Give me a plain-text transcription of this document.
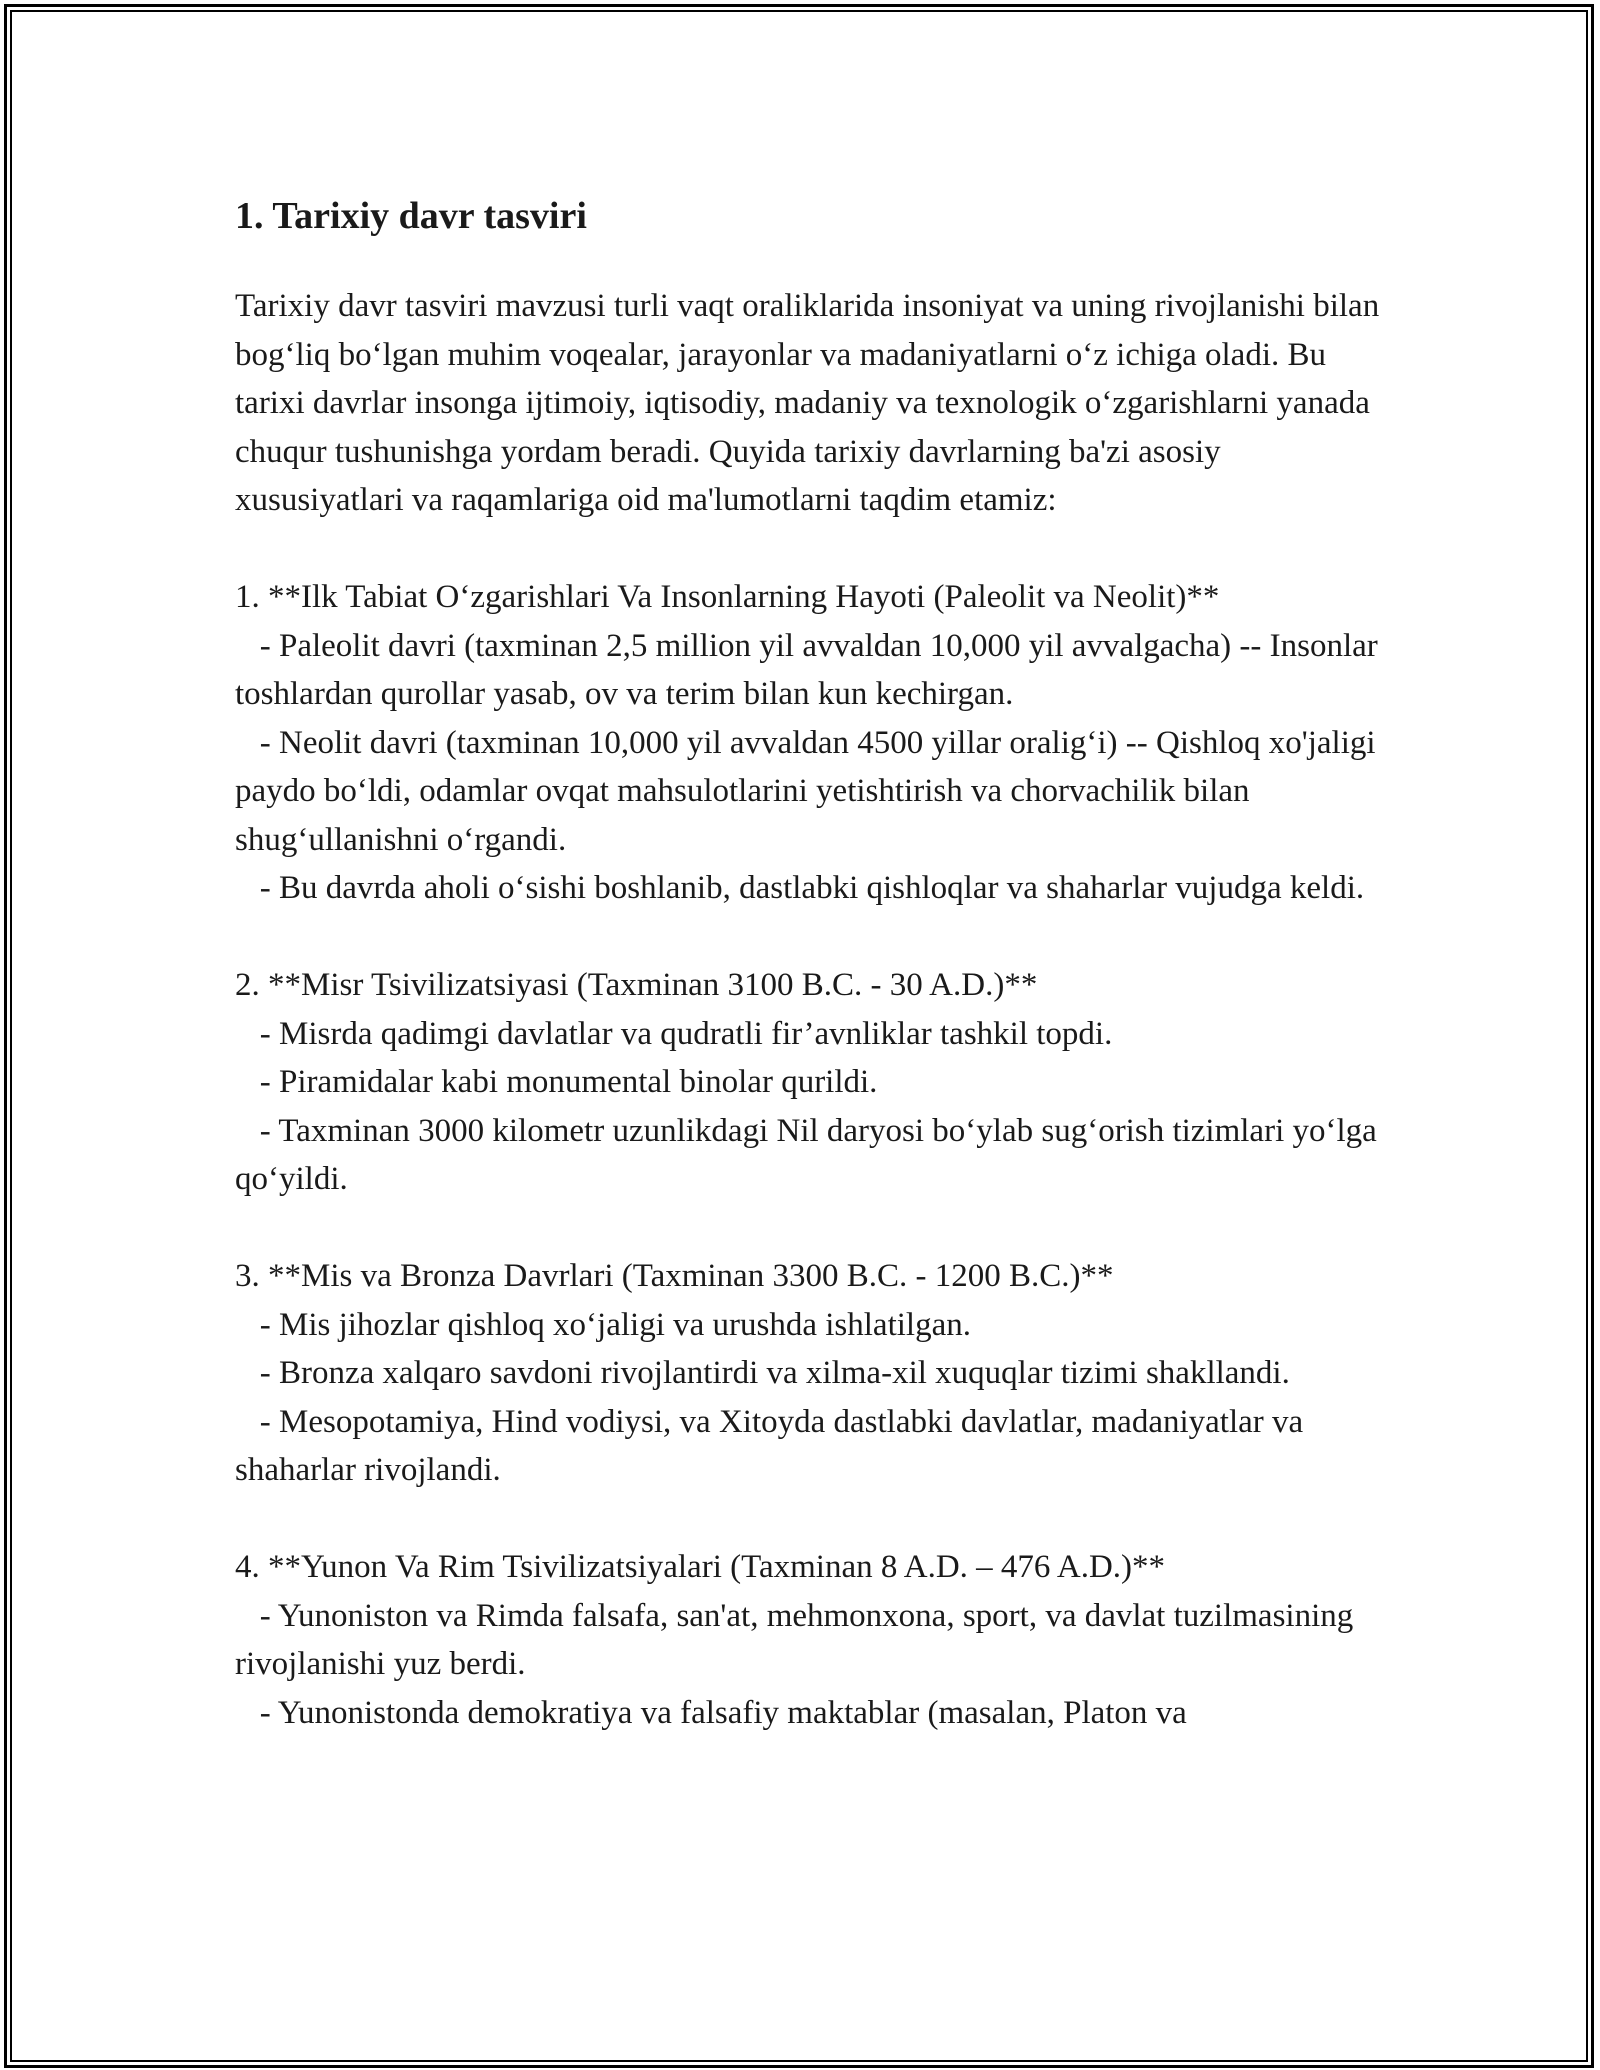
1. Tarixiy davr tasviri

Tarixiy davr tasviri mavzusi turli vaqt oraliklarida insoniyat va uning rivojlanishi bilan bog‘liq bo‘lgan muhim voqealar, jarayonlar va madaniyatlarni o‘z ichiga oladi. Bu tarixi davrlar insonga ijtimoiy, iqtisodiy, madaniy va texnologik o‘zgarishlarni yanada chuqur tushunishga yordam beradi. Quyida tarixiy davrlarning ba'zi asosiy xususiyatlari va raqamlariga oid ma'lumotlarni taqdim etamiz:

1. **Ilk Tabiat O‘zgarishlari Va Insonlarning Hayoti (Paleolit va Neolit)**

- Paleolit davri (taxminan 2,5 million yil avvaldan 10,000 yil avvalgacha) -- Insonlar toshlardan qurollar yasab, ov va terim bilan kun kechirgan.

- Neolit davri (taxminan 10,000 yil avvaldan 4500 yillar oralig‘i) -- Qishloq xo'jaligi paydo bo‘ldi, odamlar ovqat mahsulotlarini yetishtirish va chorvachilik bilan shug‘ullanishni o‘rgandi.

- Bu davrda aholi o‘sishi boshlanib, dastlabki qishloqlar va shaharlar vujudga keldi.

2. **Misr Tsivilizatsiyasi (Taxminan 3100 B.C. - 30 A.D.)**

- Misrda qadimgi davlatlar va qudratli fir’avnliklar tashkil topdi.

- Piramidalar kabi monumental binolar qurildi.

- Taxminan 3000 kilometr uzunlikdagi Nil daryosi bo‘ylab sug‘orish tizimlari yo‘lga qo‘yildi.

3. **Mis va Bronza Davrlari (Taxminan 3300 B.C. - 1200 B.C.)**

- Mis jihozlar qishloq xo‘jaligi va urushda ishlatilgan.

- Bronza xalqaro savdoni rivojlantirdi va xilma-xil xuquqlar tizimi shakllandi.

- Mesopotamiya, Hind vodiysi, va Xitoyda dastlabki davlatlar, madaniyatlar va shaharlar rivojlandi.

4. **Yunon Va Rim Tsivilizatsiyalari (Taxminan 8 A.D. – 476 A.D.)**

- Yunoniston va Rimda falsafa, san'at, mehmonxona, sport, va davlat tuzilmasining rivojlanishi yuz berdi.

- Yunonistonda demokratiya va falsafiy maktablar (masalan, Platon va
